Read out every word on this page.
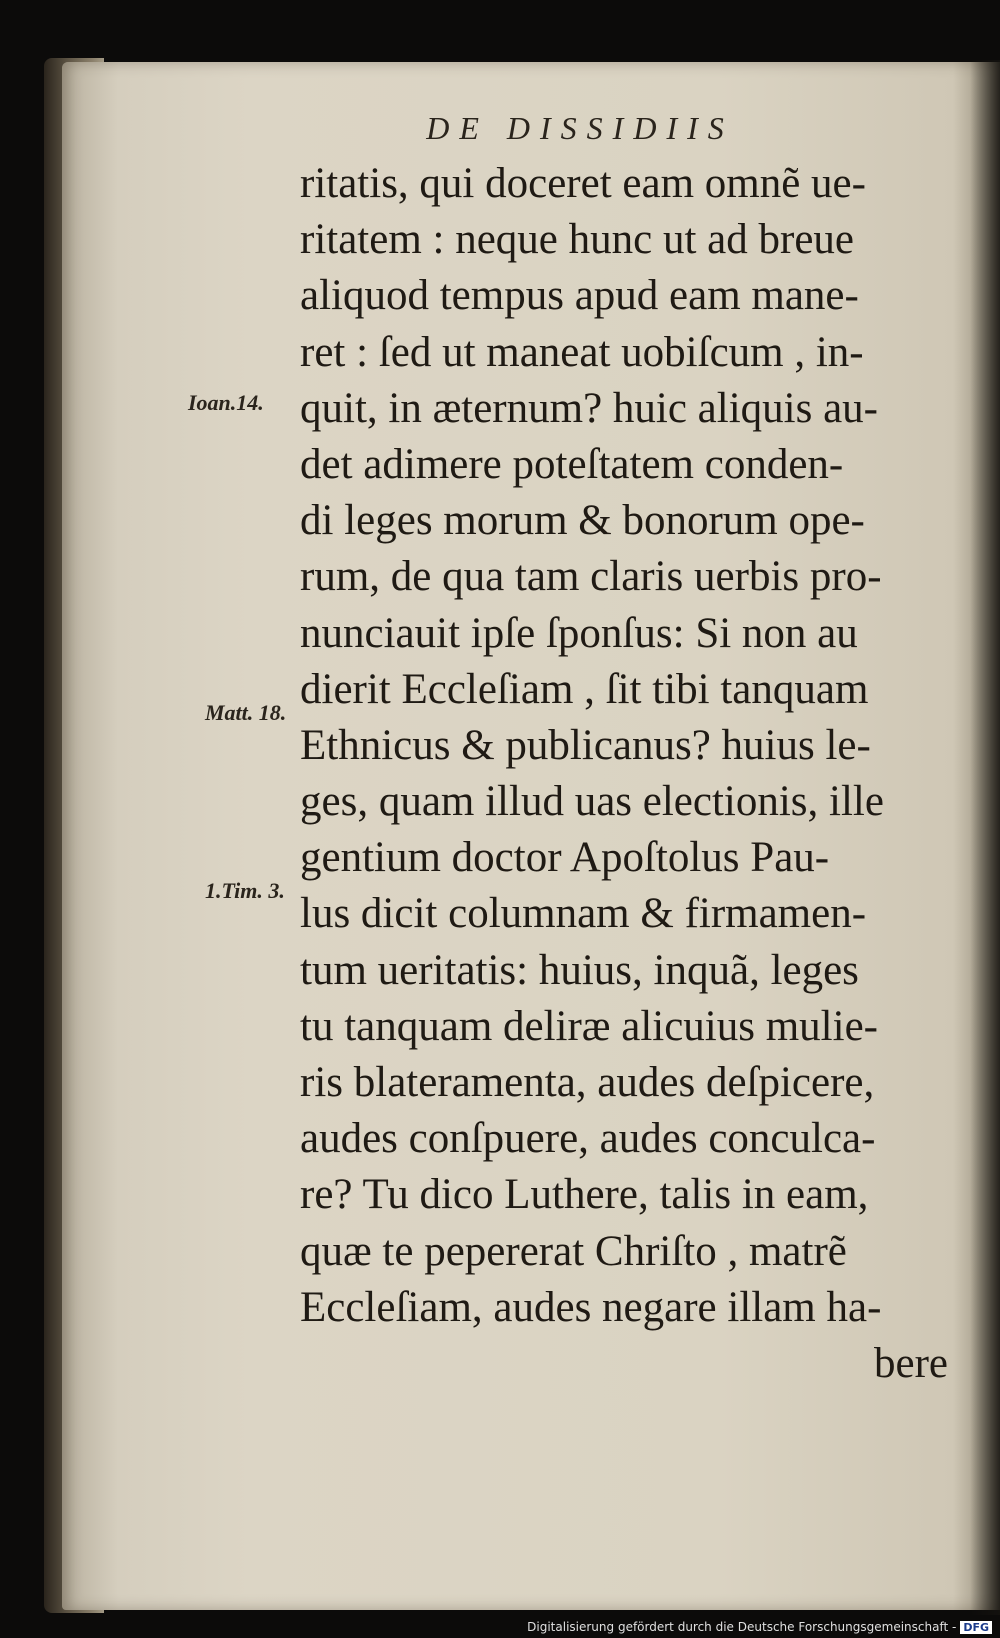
DE DISSIDIIS
ritatis, qui doceret eam omnẽ ue-
ritatem : neque hunc ut ad breue
aliquod tempus apud eam mane-
ret : ſed ut maneat uobiſcum , in-
quit, in æternum? huic aliquis au-
det adimere poteſtatem conden-
di leges morum & bonorum ope-
rum, de qua tam claris uerbis pro-
nunciauit ipſe ſponſus: Si non au
dierit Eccleſiam , ſit tibi tanquam
Ethnicus & publicanus? huius le-
ges, quam illud uas electionis, ille
gentium doctor Apoſtolus Pau-
lus dicit columnam & firmamen-
tum ueritatis: huius, inquã, leges
tu tanquam deliræ alicuius mulie-
ris blateramenta, audes deſpicere,
audes conſpuere, audes conculca-
re? Tu dico Luthere, talis in eam,
quæ te pepererat Chriſto , matrẽ
Eccleſiam, audes negare illam ha-
bere
Ioan.14.
Matt. 18.
1.Tim. 3.
Digitalisierung gefördert durch die Deutsche Forschungsgemeinschaft - DFG
